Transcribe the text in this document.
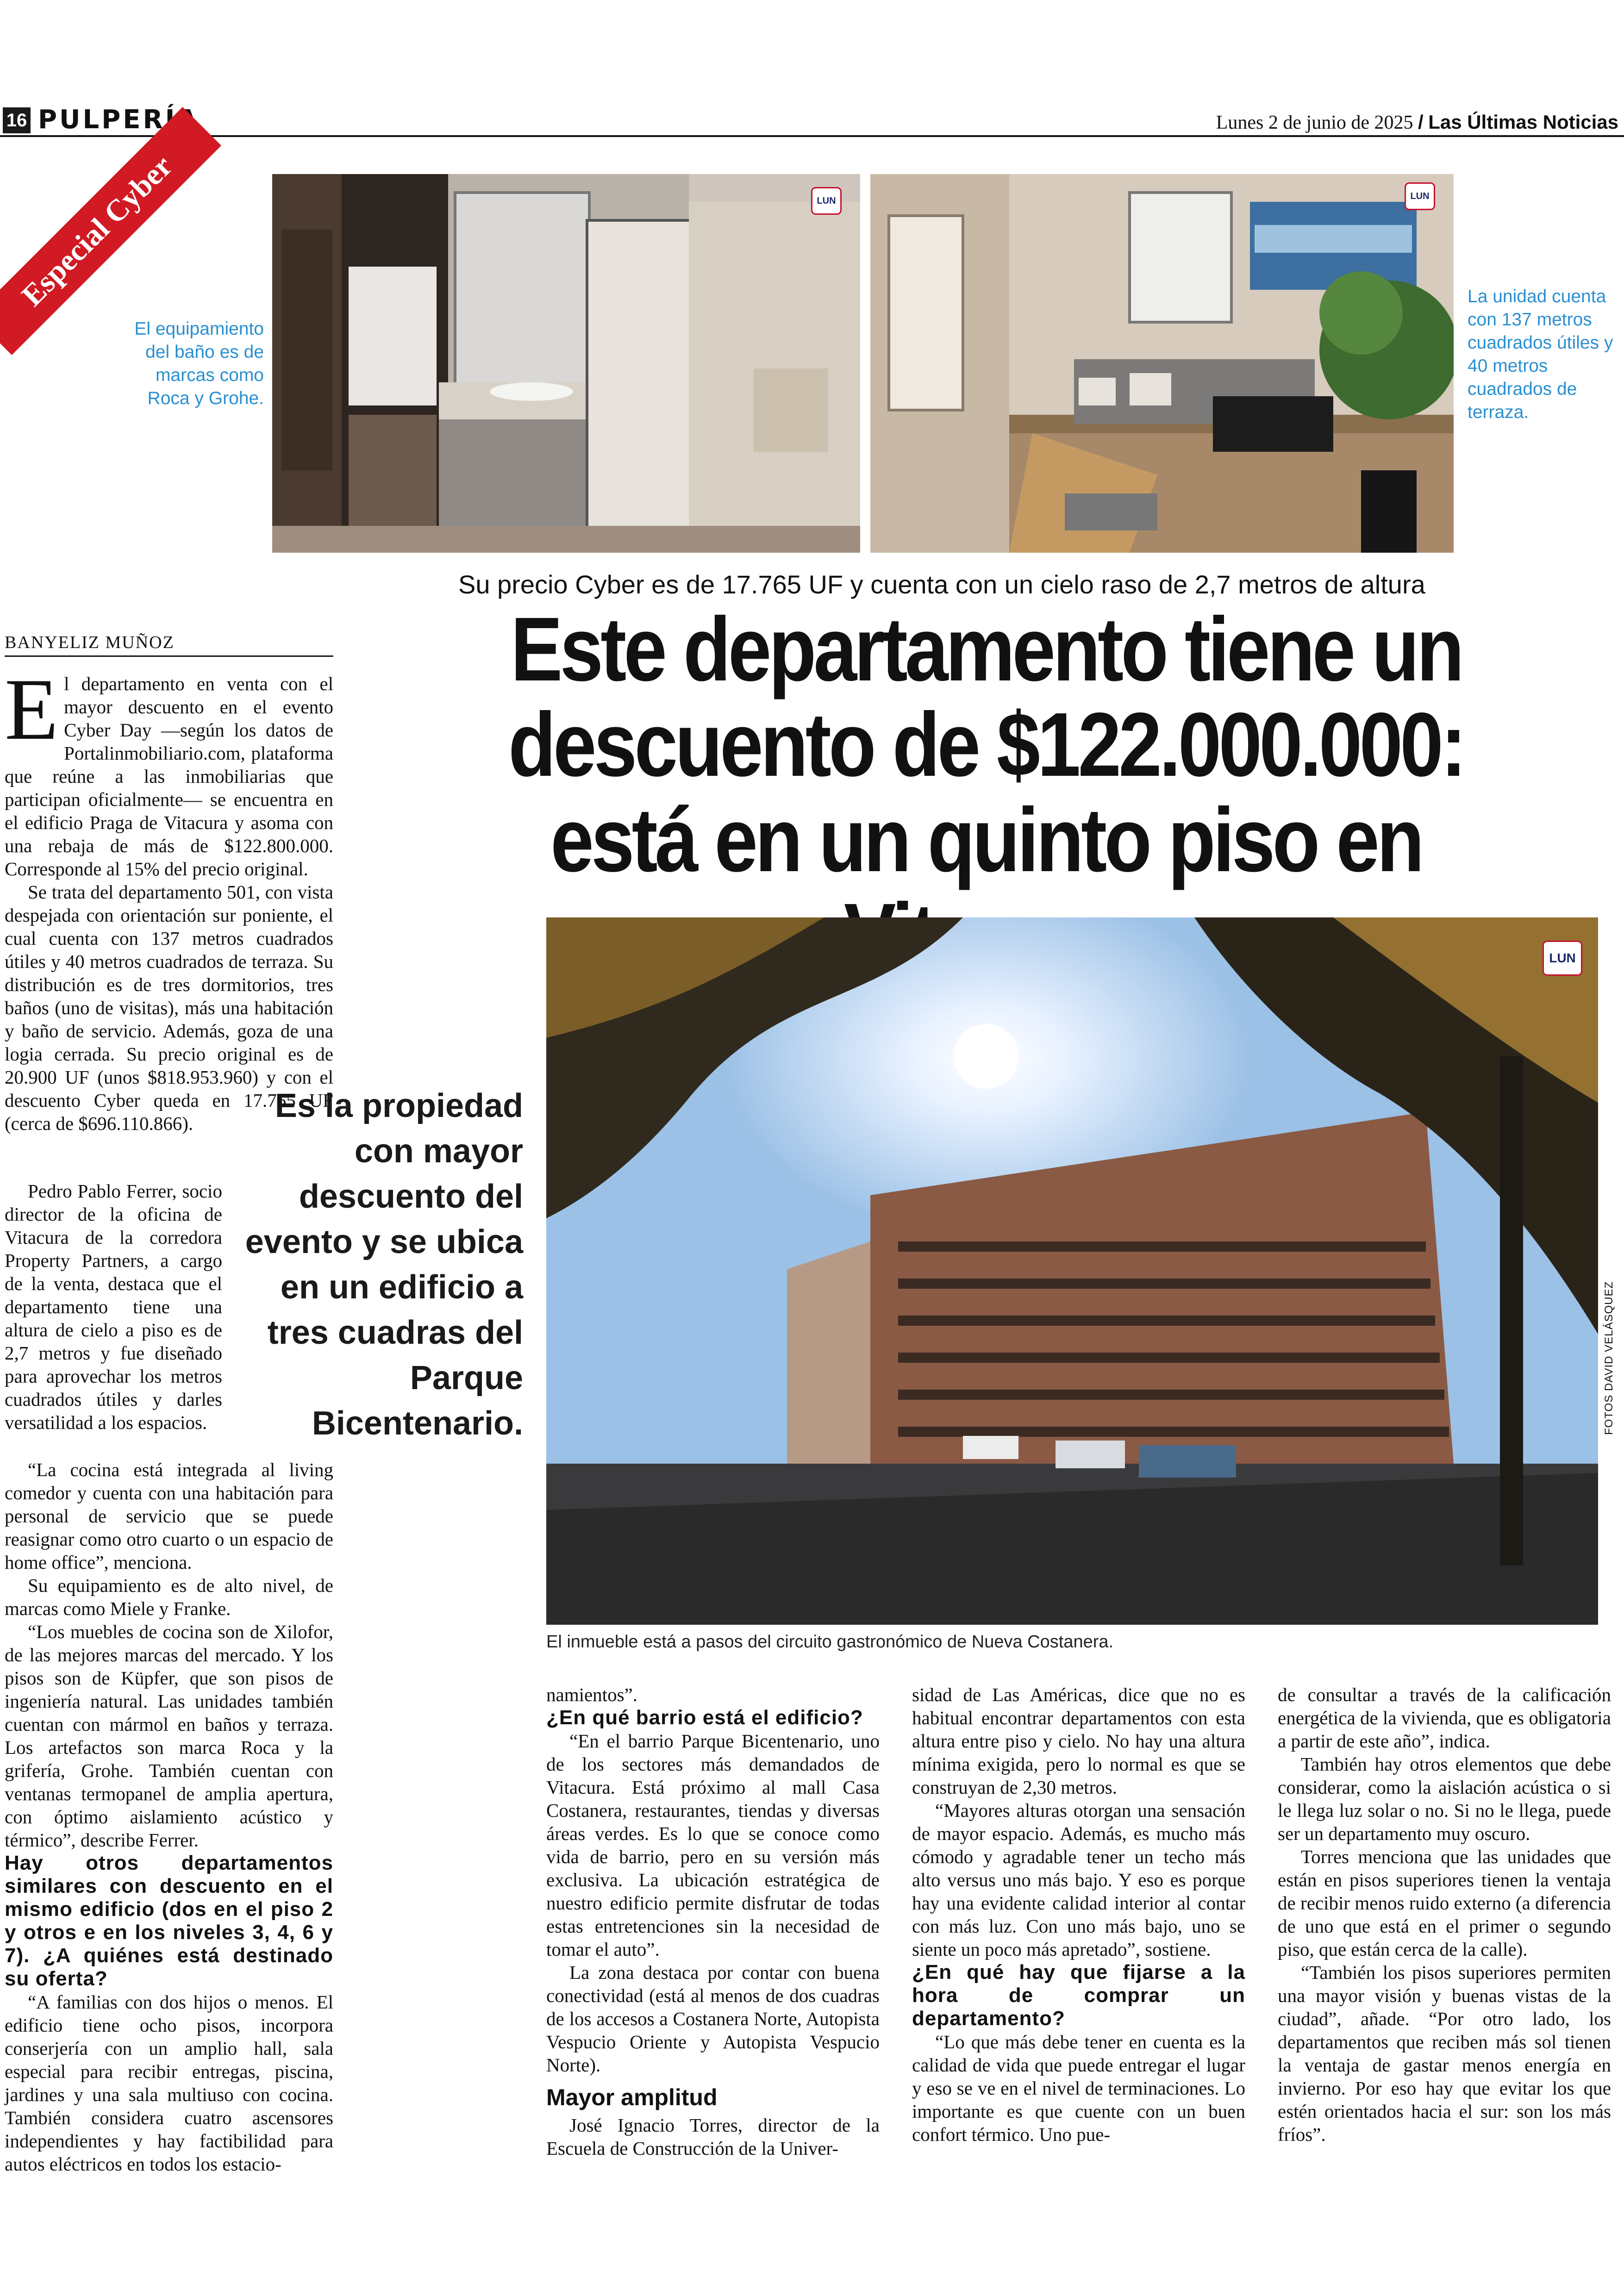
16 PULPERÍA	Lunes 2 de junio de 2025 / Las Últimas Noticias
Especial Cyber
El equipamiento del baño es de marcas como Roca y Grohe.
LUN	LUN
La unidad cuenta con 137 metros cuadrados útiles y 40 metros cuadrados de terraza.
Su precio Cyber es de 17.765 UF y cuenta con un cielo raso de 2,7 metros de altura
Este departamento tiene un descuento de $122.000.000: está en un quinto piso en
BANYELIZ MUÑOZ
LUN
FOTOS DAVID VELÁSQUEZ
El inmueble está a pasos del circuito gastronómico de Nueva Costanera.
Es la propiedad con mayor descuento del evento y se ubica en un edificio a tres cuadras del Parque Bicentenario.
E l departamento en venta con el mayor descuento en el evento Cyber Day —según los datos de Portalinmobiliario.com, plataforma que reúne a las inmobiliarias que participan oficialmente— se encuentra en el edificio Praga de Vitacura y asoma con una rebaja de más de $122.800.000. Corresponde al 15% del precio original.

Se trata del departamento 501, con vista despejada con orientación sur poniente, el cual cuenta con 137 metros cuadrados útiles y 40 metros cuadrados de terraza. Su distribución es de tres dormitorios, tres baños (uno de visitas), más una habitación y baño de servicio. Además, goza de una logia cerrada. Su precio original es de 20.900 UF (unos $818.953.960) y con el descuento Cyber queda en 17.765 UF (cerca de $696.110.866).

Pedro Pablo Ferrer, socio director de la oficina de Vitacura de la corredora Property Partners, a cargo de la venta, destaca que el departamento tiene una altura de cielo a piso es de 2,7 metros y fue diseñado para aprovechar los metros cuadrados útiles y darles versatilidad a los espacios.

“La cocina está integrada al living comedor y cuenta con una habitación para personal de servicio que se puede reasignar como otro cuarto o un espacio de home office”, menciona.

Su equipamiento es de alto nivel, de marcas como Miele y Franke.

“Los muebles de cocina son de Xilofor, de las mejores marcas del mercado. Y los pisos son de Küpfer, que son pisos de ingeniería natural. Las unidades también cuentan con mármol en baños y terraza. Los artefactos son marca Roca y la grifería, Grohe. También cuentan con ventanas termopanel de amplia apertura, con óptimo aislamiento acústico y térmico”, describe Ferrer.

Hay otros departamentos similares con descuento en el mismo edificio (dos en el piso 2 y otros e en los niveles 3, 4, 6 y 7). ¿A quiénes está destinado su oferta?

“A familias con dos hijos o menos. El edificio tiene ocho pisos, incorpora conserjería con un amplio hall, sala especial para recibir entregas, piscina, jardines y una sala multiuso con cocina. También considera cuatro ascensores independientes y hay factibilidad para autos eléctricos en todos los estacio-

namientos”.

¿En qué barrio está el edificio?

“En el barrio Parque Bicentenario, uno de los sectores más demandados de Vitacura. Está próximo al mall Casa Costanera, restaurantes, tiendas y diversas áreas verdes. Es lo que se conoce como vida de barrio, pero en su versión más exclusiva. La ubicación estratégica de nuestro edificio permite disfrutar de todas estas entretenciones sin la necesidad de tomar el auto”.

La zona destaca por contar con buena conectividad (está al menos de dos cuadras de los accesos a Costanera Norte, Autopista Vespucio Oriente y Autopista Vespucio Norte).

Mayor amplitud

José Ignacio Torres, director de la Escuela de Construcción de la Univer-

sidad de Las Américas, dice que no es habitual encontrar departamentos con esta altura entre piso y cielo. No hay una altura mínima exigida, pero lo normal es que se construyan de 2,30 metros.

“Mayores alturas otorgan una sensación de mayor espacio. Además, es mucho más cómodo y agradable tener un techo más alto versus uno más bajo. Y eso es porque hay una evidente calidad interior al contar con más luz. Con uno más bajo, uno se siente un poco más apretado”, sostiene.

¿En qué hay que fijarse a la hora de comprar un departamento?

“Lo que más debe tener en cuenta es la calidad de vida que puede entregar el lugar y eso se ve en el nivel de terminaciones. Lo importante es que cuente con un buen confort térmico. Uno pue-

de consultar a través de la calificación energética de la vivienda, que es obligatoria a partir de este año”, indica.

También hay otros elementos que debe considerar, como la aislación acústica o si le llega luz solar o no. Si no le llega, puede ser un departamento muy oscuro.

Torres menciona que las unidades que están en pisos superiores tienen la ventaja de recibir menos ruido externo (a diferencia de uno que está en el primer o segundo piso, que están cerca de la calle).

“También los pisos superiores permiten una mayor visión y buenas vistas de la ciudad”, añade. “Por otro lado, los departamentos que reciben más sol tienen la ventaja de gastar menos energía en invierno. Por eso hay que evitar los que estén orientados hacia el sur: son los más fríos”.
